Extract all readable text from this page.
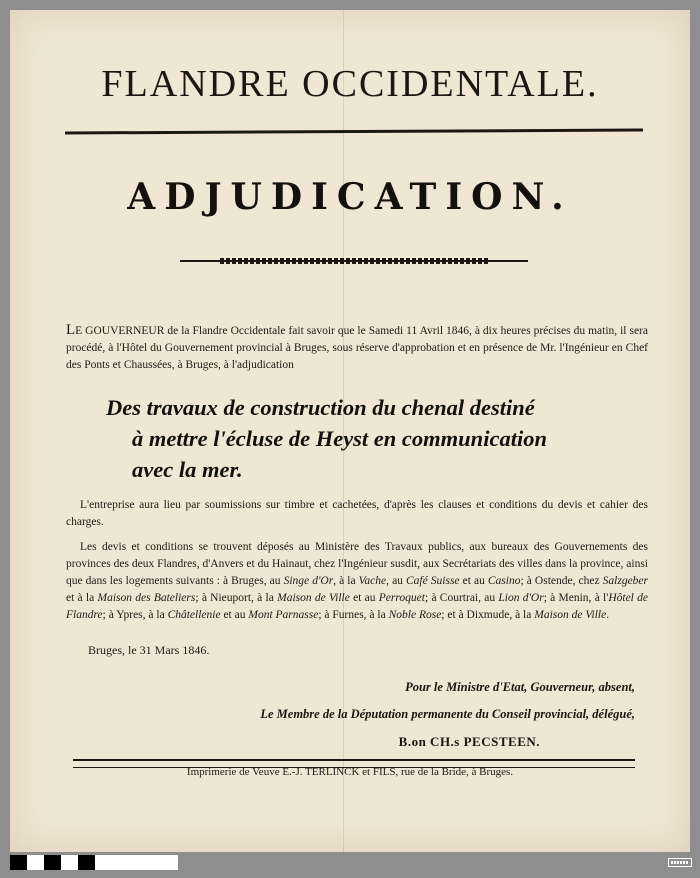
FLANDRE OCCIDENTALE.
ADJUDICATION.
LE GOUVERNEUR de la Flandre Occidentale fait savoir que le Samedi 11 Avril 1846, à dix heures précises du matin, il sera procédé, à l'Hôtel du Gouvernement provincial à Bruges, sous réserve d'approbation et en présence de Mr. l'Ingénieur en Chef des Ponts et Chaussées, à Bruges, à l'adjudication
Des travaux de construction du chenal destiné
à mettre l'écluse de Heyst en communication
avec la mer.
L'entreprise aura lieu par soumissions sur timbre et cachetées, d'après les clauses et conditions du devis et cahier des charges.
Les devis et conditions se trouvent déposés au Ministère des Travaux publics, aux bureaux des Gouvernements des provinces des deux Flandres, d'Anvers et du Hainaut, chez l'Ingénieur susdit, aux Secrétariats des villes dans la province, ainsi que dans les logements suivants : à Bruges, au Singe d'Or, à la Vache, au Café Suisse et au Casino; à Ostende, chez Salzgeber et à la Maison des Bateliers; à Nieuport, à la Maison de Ville et au Perroquet; à Courtrai, au Lion d'Or; à Menin, à l'Hôtel de Flandre; à Ypres, à la Châtellenie et au Mont Parnasse; à Furnes, à la Noble Rose; et à Dixmude, à la Maison de Ville.
Bruges, le 31 Mars 1846.
Pour le Ministre d'Etat, Gouverneur, absent,
Le Membre de la Députation permanente du Conseil provincial, délégué,
B.on CH.s PECSTEEN.
Imprimerie de Veuve E.-J. TERLINCK et FILS, rue de la Bride, à Bruges.
